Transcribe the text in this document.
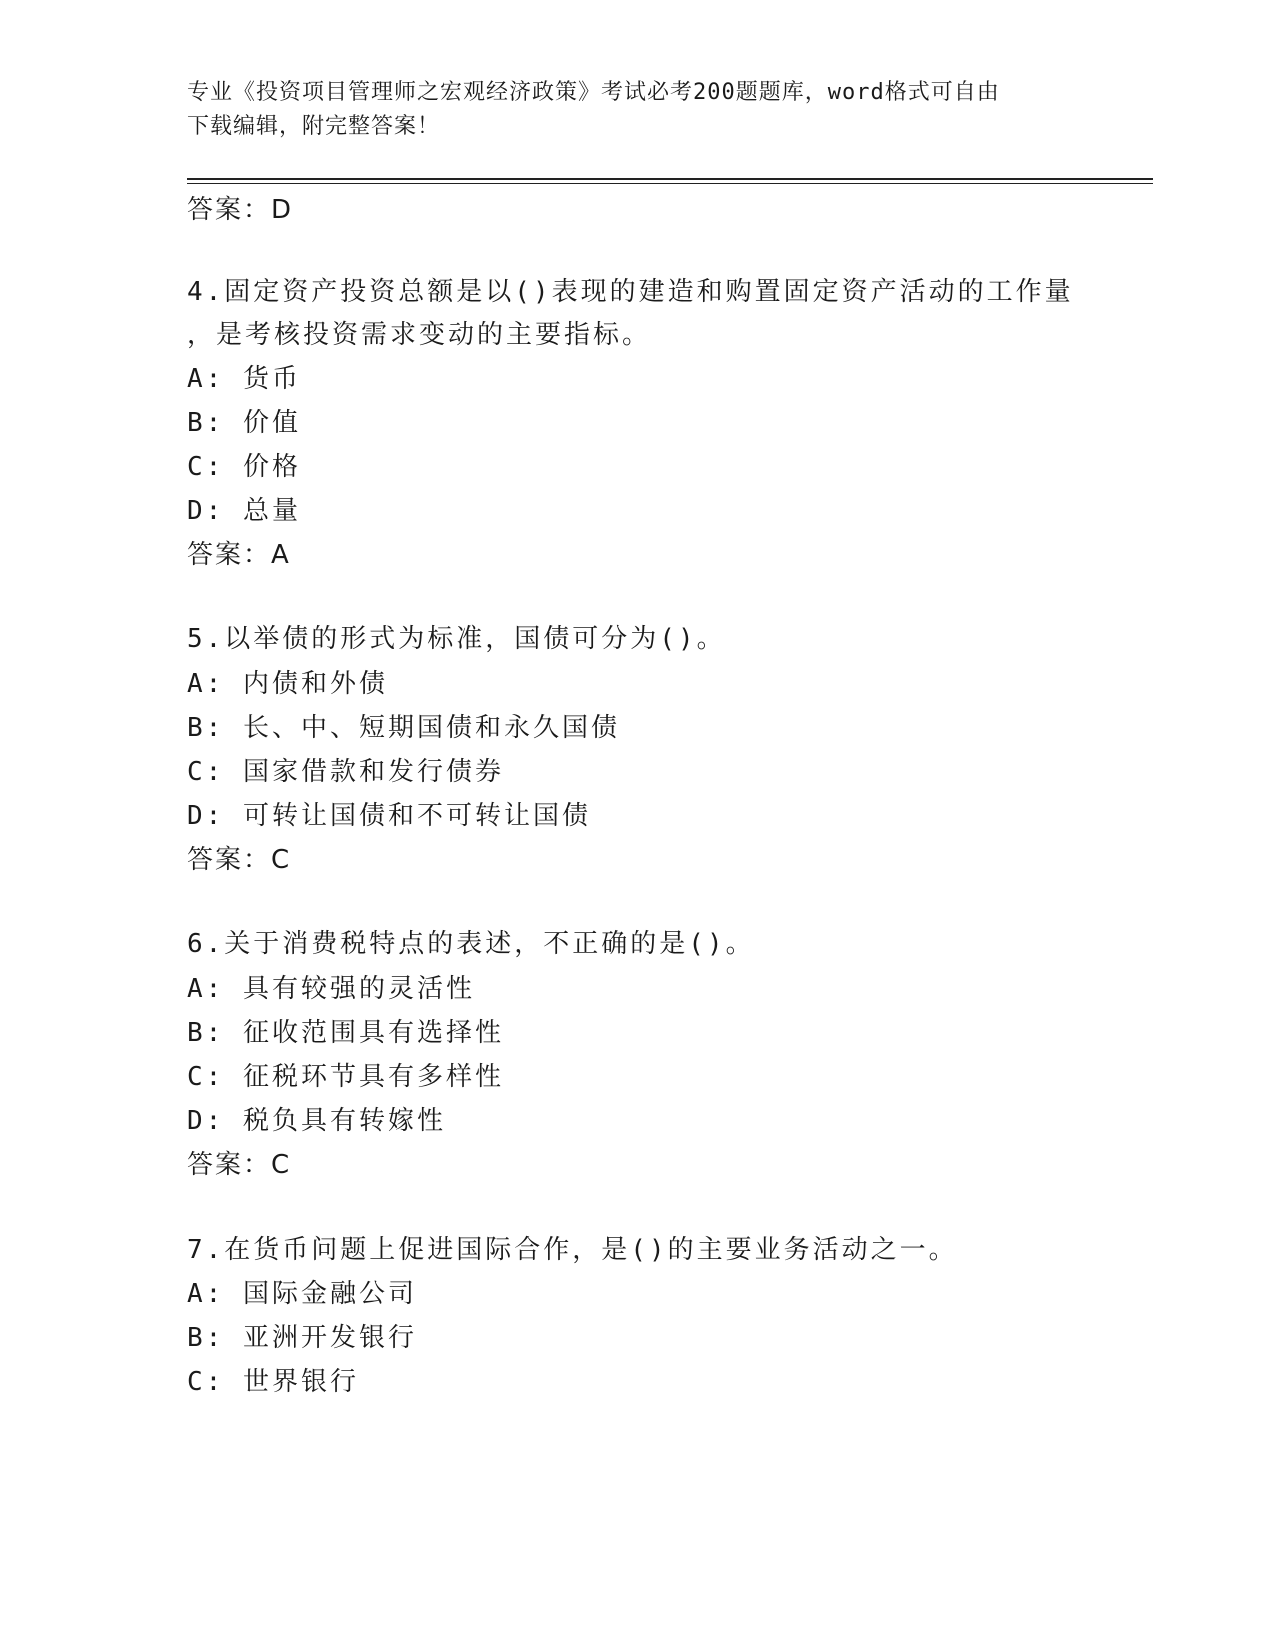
专业《投资项目管理师之宏观经济政策》考试必考200题题库，word格式可自由
下载编辑，附完整答案！
答案：D
4.固定资产投资总额是以()表现的建造和购置固定资产活动的工作量
，是考核投资需求变动的主要指标。
A: 货币
B: 价值
C: 价格
D: 总量
答案：A
5.以举债的形式为标准，国债可分为()。
A: 内债和外债
B: 长、中、短期国债和永久国债
C: 国家借款和发行债券
D: 可转让国债和不可转让国债
答案：C
6.关于消费税特点的表述，不正确的是()。
A: 具有较强的灵活性
B: 征收范围具有选择性
C: 征税环节具有多样性
D: 税负具有转嫁性
答案：C
7.在货币问题上促进国际合作，是()的主要业务活动之一。
A: 国际金融公司
B: 亚洲开发银行
C: 世界银行
